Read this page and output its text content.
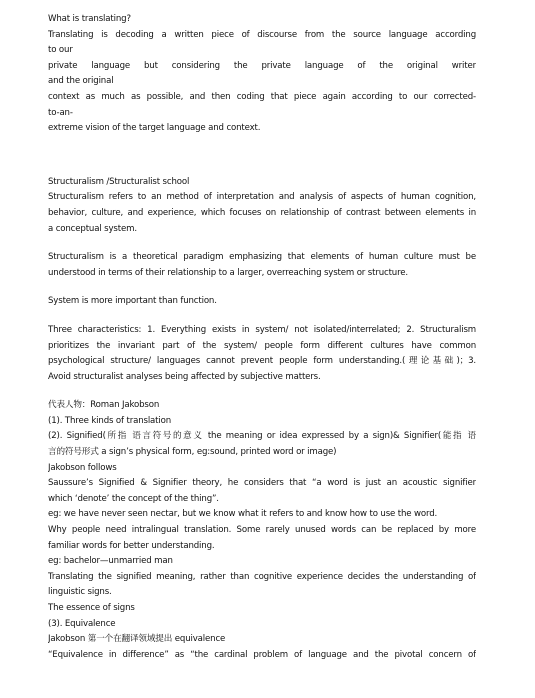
What is translating?
Translating is decoding a written piece of discourse from the source language according
to our
private language but considering the private language of the original writer
and the original
context as much as possible, and then coding that piece again according to our corrected-
to-an-
extreme vision of the target language and context.
Structuralism /Structuralist school
Structuralism refers to an method of interpretation and analysis of aspects of human cognition,
behavior, culture, and experience, which focuses on relationship of contrast between elements in
a conceptual system.
Structuralism is a theoretical paradigm emphasizing that elements of human culture must be
understood in terms of their relationship to a larger, overreaching system or structure.
System is more important than function.
Three characteristics: 1. Everything exists in system/ not isolated/interrelated; 2. Structuralism
prioritizes the invariant part of the system/ people form different cultures have common
psychological structure/ languages cannot prevent people form understanding.(理论基础)；3.
Avoid structuralist analyses being affected by subjective matters.
代表人物：Roman Jakobson
(1). Three kinds of translation
(2). Signified(所指 语言符号的意义 the meaning or idea expressed by a sign)& Signifier(能指 语
言的符号形式 a sign’s physical form, eg:sound, printed word or image)
Jakobson follows
Saussure’s Signified & Signifier theory, he considers that “a word is just an acoustic signifier
which ‘denote’ the concept of the thing”.
eg: we have never seen nectar, but we know what it refers to and know how to use the word.
Why people need intralingual translation. Some rarely unused words can be replaced by more
familiar words for better understanding.
eg: bachelor—unmarried man
Translating the signified meaning, rather than cognitive experience decides the understanding of
linguistic signs.
The essence of signs
(3). Equivalence
Jakobson 第一个在翻译领域提出 equivalence
“Equivalence in difference” as “the cardinal problem of language and the pivotal concern of
